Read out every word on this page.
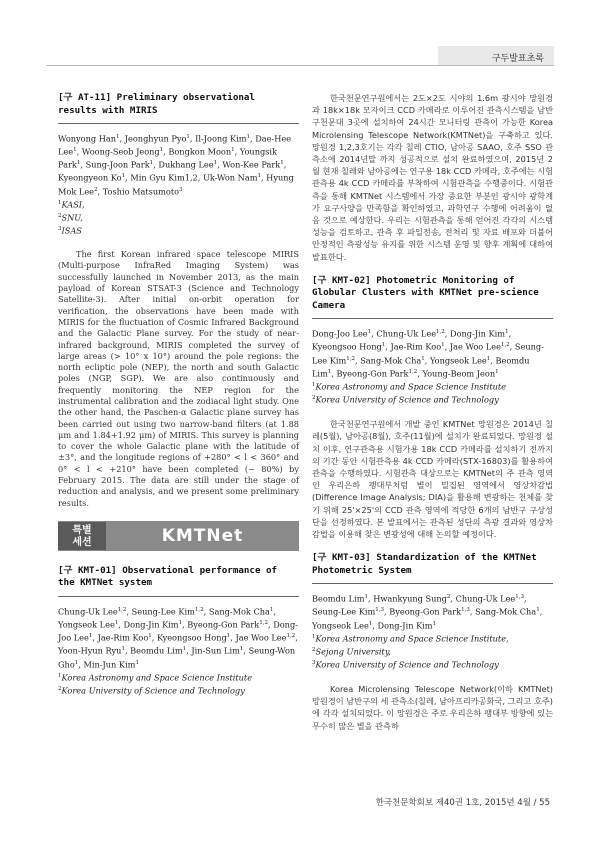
구두발표초록
[구 AT-11] Preliminary observational results with MIRIS
Wonyong Han$^1$, Jeonghyun Pyo$^1$, Il-Joong Kim$^1$, Dae-Hee Lee$^1$, Woong-Seob Jeong$^1$, Bongkon Moon$^1$, Youngsik Park$^1$, Sung-Joon Park$^1$, Dukhang Lee$^1$, Won-Kee Park$^1$, Kyeongyeon Ko$^1$, Min Gyu Kim1,2, Uk-Won Nam$^1$, Hyung Mok Lee$^2$, Toshio Matsumoto$^3$
$^1$KASI,
$^2$SNU,
$^3$ISAS
The first Korean infrared space telescope MIRIS (Multi-purpose InfraRed Imaging System) was successfully launched in November 2013, as the main payload of Korean STSAT-3 (Science and Technology Satellite-3). After initial on-orbit operation for verification, the observations have been made with MIRIS for the fluctuation of Cosmic Infrared Background and the Galactic Plane survey. For the study of near-infrared background, MIRIS completed the survey of large areas (> 10° x 10°) around the pole regions: the north ecliptic pole (NEP), the north and south Galactic poles (NGP, SGP). We are also continuously and frequently monitoring the NEP region for the instrumental calibration and the zodiacal light study. One the other hand, the Paschen-α Galactic plane survey has been carried out using two narrow-band filters (at 1.88 μm and 1.84+1.92 μm) of MIRIS. This survey is planning to cover the whole Galactic plane with the latitude of ±3°, and the longitude regions of +280° < l < 360° and 0° < l < +210° have been completed (~ 80%) by February 2015. The data are still under the stage of reduction and analysis, and we present some preliminary results.
특별
세션	KMTNet
[구 KMT-01] Observational performance of the KMTNet system
Chung-Uk Lee$^{1,2}$, Seung-Lee Kim$^{1,2}$, Sang-Mok Cha$^1$, Yongseok Lee$^1$, Dong-Jin Kim$^1$, Byeong-Gon Park$^{1,2}$, Dong-Joo Lee$^1$, Jae-Rim Koo$^1$, Kyeongsoo Hong$^1$, Jae Woo Lee$^{1,2}$, Yoon-Hyun Ryu$^1$, Beomdu Lim$^1$, Jin-Sun Lim$^1$, Seung-Won Gho$^1$, Min-Jun Kim$^1$
$^1$Korea Astronomy and Space Science Institute
$^2$Korea University of Science and Technology
한국천문연구원에서는 2도×2도 시야의 1.6m 광시야 망원경과 18k×18k 모자이크 CCD 카메라로 이루어진 관측시스템을 남반구천문대 3곳에 설치하여 24시간 모니터링 관측이 가능한 Korea Microlensing Telescope Network(KMTNet)을 구축하고 있다. 망원경 1,2,3호기는 각각 칠레 CTIO, 남아공 SAAO, 호주 SSO 관측소에 2014년말 까지 성공적으로 설치 완료하였으며, 2015년 2월 현재 칠레와 남아공에는 연구용 18k CCD 카메라, 호주에는 시험관측용 4k CCD 카메라를 부착하여 시험관측을 수행중이다. 시험관측을 통해 KMTNet 시스템에서 가장 중요한 부분인 광시야 광학계가 요구사양을 만족함을 확인하였고, 과학연구 수행에 어려움이 없음 것으로 예상한다. 우리는 시험관측을 통해 얻어진 각각의 시스템 성능을 검토하고, 관측 후 파일전송, 전처리 및 자료 배포와 더불어 안정적인 측광성능 유지를 위한 시스템 운영 및 향후 계획에 대하여 발표한다.
[구 KMT-02] Photometric Monitoring of Globular Clusters with KMTNet pre-science Camera
Dong-Joo Lee$^1$, Chung-Uk Lee$^{1,2}$, Dong-Jin Kim$^1$, Kyeongsoo Hong$^1$, Jae-Rim Koo$^1$, Jae Woo Lee$^{1,2}$, Seung-Lee Kim$^{1,2}$, Sang-Mok Cha$^1$, Yongseok Lee$^1$, Beomdu Lim$^1$, Byeong-Gon Park$^{1,2}$, Young-Beom Jeon$^1$
$^1$Korea Astronomy and Space Science Institute
$^2$Korea University of Science and Technology
한국천문연구원에서 개발 중인 KMTNet 망원경은 2014년 칠레(5월), 남아공(8월), 호주(11월)에 설치가 완료되었다. 망원경 설치 이후, 연구관측용 시험가용 18k CCD 카메라를 설치하기 전까지의 기간 동안 시험관측용 4k CCD 카메라(STX-16803)를 활용하여 관측을 수행하였다. 시험관측 대상으로는 KMTNet의 주 관측 영역인 우리은하 팽대부처럼 별이 밀집된 영역에서 영상차감법(Difference Image Analysis; DIA)을 활용해 변광하는 천체를 찾기 위해 25'×25'의 CCD 관측 영역에 적당한 6개의 남반구 구상성단을 선정하였다. 본 발표에서는 관측된 성단의 측광 결과와 영상차감법을 이용해 찾은 변광성에 대해 논의할 예정이다.
[구 KMT-03] Standardization of the KMTNet Photometric System
Beomdu Lim$^1$, Hwankyung Sung$^2$, Chung-Uk Lee$^{1,3}$, Seung-Lee Kim$^{1,3}$, Byeong-Gon Park$^{1,3}$, Sang-Mok Cha$^1$, Yongseok Lee$^1$, Dong-Jin Kim$^1$
$^1$Korea Astronomy and Space Science Institute,
$^2$Sejong University,
$^3$Korea University of Science and Technology
Korea Microlensing Telescope Network(이하 KMTNet) 망원경이 남반구의 세 관측소(칠레, 남아프리카공화국, 그리고 호주)에 각각 설치되었다. 이 망원경은 주로 우리은하 팽대부 방향에 있는 무수히 많은 별을 관측하
한국천문학회보 제40권 1호, 2015년 4월 / 55
